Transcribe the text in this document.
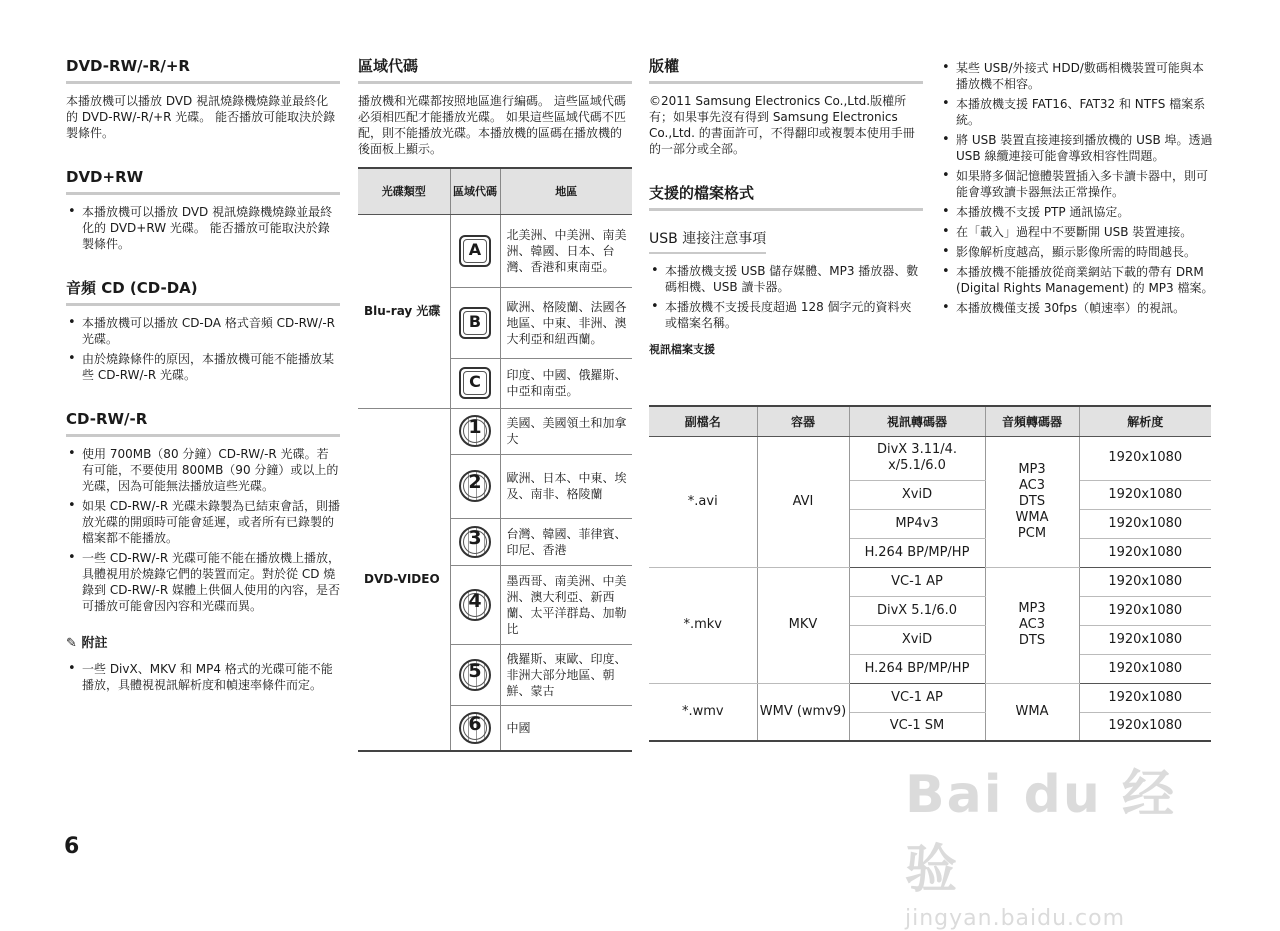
DVD-RW/-R/+R

本播放機可以播放 DVD 視訊燒錄機燒錄並最終化的 DVD-RW/-R/+R 光碟。 能否播放可能取決於錄製條件。

DVD+RW
• 本播放機可以播放 DVD 視訊燒錄機燒錄並最終化的 DVD+RW 光碟。 能否播放可能取決於錄製條件。
音頻 CD (CD-DA)
• 本播放機可以播放 CD-DA 格式音頻 CD-RW/-R 光碟。
• 由於燒錄條件的原因，本播放機可能不能播放某些 CD-RW/-R 光碟。
CD-RW/-R
• 使用 700MB（80 分鐘）CD-RW/-R 光碟。若有可能，不要使用 800MB（90 分鐘）或以上的光碟，因為可能無法播放這些光碟。
• 如果 CD-RW/-R 光碟未錄製為已結束會話，則播放光碟的開頭時可能會延遲，或者所有已錄製的檔案都不能播放。
• 一些 CD-RW/-R 光碟可能不能在播放機上播放，具體視用於燒錄它們的裝置而定。對於從 CD 燒錄到 CD-RW/-R 媒體上供個人使用的內容，是否可播放可能會因內容和光碟而異。
✎ 附註
• 一些 DivX、MKV 和 MP4 格式的光碟可能不能播放，具體視視訊解析度和幀速率條件而定。
區域代碼

播放機和光碟都按照地區進行編碼。 這些區域代碼必須相匹配才能播放光碟。 如果這些區域代碼不匹配，則不能播放光碟。本播放機的區碼在播放機的後面板上顯示。

光碟類型	區域代碼	地區
Blu-ray 光碟	A	北美洲、中美洲、南美洲、韓國、日本、台灣、香港和東南亞。

	B	歐洲、格陵蘭、法國各地區、中東、非洲、澳大利亞和紐西蘭。

	C	印度、中國、俄羅斯、中亞和南亞。
DVD-VIDEO	1	美國、美國領土和加拿大

	2	歐洲、日本、中東、埃及、南非、格陵蘭

	3	台灣、韓國、菲律賓、印尼、香港

	4	墨西哥、南美洲、中美洲、澳大利亞、新西蘭、太平洋群島、加勒比

	5	俄羅斯、東歐、印度、非洲大部分地區、朝鮮、蒙古

	6	中國
版權

©2011 Samsung Electronics Co.,Ltd.版權所有；如果事先沒有得到 Samsung Electronics Co.,Ltd. 的書面許可，不得翻印或複製本使用手冊的一部分或全部。

支援的檔案格式
USB 連接注意事項
• 本播放機支援 USB 儲存媒體、MP3 播放器、數碼相機、USB 讀卡器。
• 本播放機不支援長度超過 128 個字元的資料夾或檔案名稱。
視訊檔案支援
• 某些 USB/外接式 HDD/數碼相機裝置可能與本播放機不相容。
• 本播放機支援 FAT16、FAT32 和 NTFS 檔案系統。
• 將 USB 裝置直接連接到播放機的 USB 埠。透過 USB 線纜連接可能會導致相容性問題。
• 如果將多個記憶體裝置插入多卡讀卡器中，則可能會導致讀卡器無法正常操作。
• 本播放機不支援 PTP 通訊協定。
• 在「載入」過程中不要斷開 USB 裝置連接。
• 影像解析度越高，顯示影像所需的時間越長。
• 本播放機不能播放從商業網站下載的帶有 DRM (Digital Rights Management) 的 MP3 檔案。
• 本播放機僅支援 30fps（幀速率）的視訊。
副檔名	容器	視訊轉碼器	音頻轉碼器	解析度
*.avi	AVI	DivX 3.11/4.
x/5.1/6.0	MP3
AC3
DTS
WMA
PCM	1920x1080
		XviD		1920x1080
		MP4v3		1920x1080
		H.264 BP/MP/HP		1920x1080
*.mkv	MKV	VC-1 AP	MP3
AC3
DTS	1920x1080
		DivX 5.1/6.0		1920x1080
		XviD		1920x1080
		H.264 BP/MP/HP		1920x1080
*.wmv	WMV (wmv9)	VC-1 AP	WMA	1920x1080
		VC-1 SM		1920x1080
6
Bai du 经验
jingyan.baidu.com
